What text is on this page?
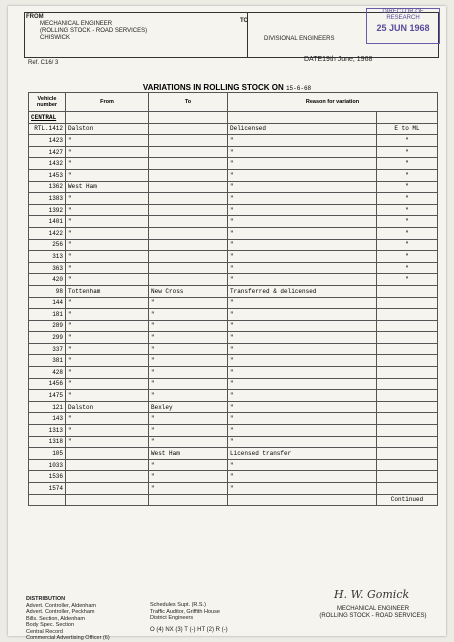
FROM

MECHANICAL ENGINEER
(ROLLING STOCK - ROAD SERVICES)
CHISWICK
Ref. C16/ 3
TO
DIVISIONAL ENGINEERS
DATE19th June, 1968
DIRECTOR OF
RESEARCH
25 JUN 1968
VARIATIONS IN ROLLING STOCK ON 15-6-68
Vehicle number	From	To	Reason for variation	
CENTRAL				
RTL.1412	Dalston		Delicensed	E to ML
1423	"		"	"
1427	"		"	"
1432	"		"	"
1453	"		"	"
1362	West Ham		"	"
1383	"		"	"
1392	"		"	"
1401	"		"	"
1422	"		"	"
256	"		"	"
313	"		"	"
363	"		"	"
420	"		"	"
98	Tottenham	New Cross	Transferred & delicensed	
144	"	"	"	
181	"	"	"	
289	"	"	"	
299	"	"	"	
337	"	"	"	
381	"	"	"	
428	"	"	"	
1456	"	"	"	
1475	"	"	"	
121	Dalston	Bexley	"	
143	"	"	"	
1313	"	"	"	
1318	"	"	"	
105		West Ham	Licensed transfer	
1033		"	"	
1536		"	"	
1574		"	"	
				Continued
DISTRIBUTION
Advert. Controller, Aldenham
Advert. Controller, Peckham
Bills. Section, Aldenham
Body Spec. Section
Central Record
Commercial Advertising Officer (6)
Schedules Supt. (R.S.)
Traffic Auditor, Griffith House
District Engineers
O (4) NX (3) T (-) HT (2) R (-)
H. W. Gomick
MECHANICAL ENGINEER
(ROLLING STOCK - ROAD SERVICES)
